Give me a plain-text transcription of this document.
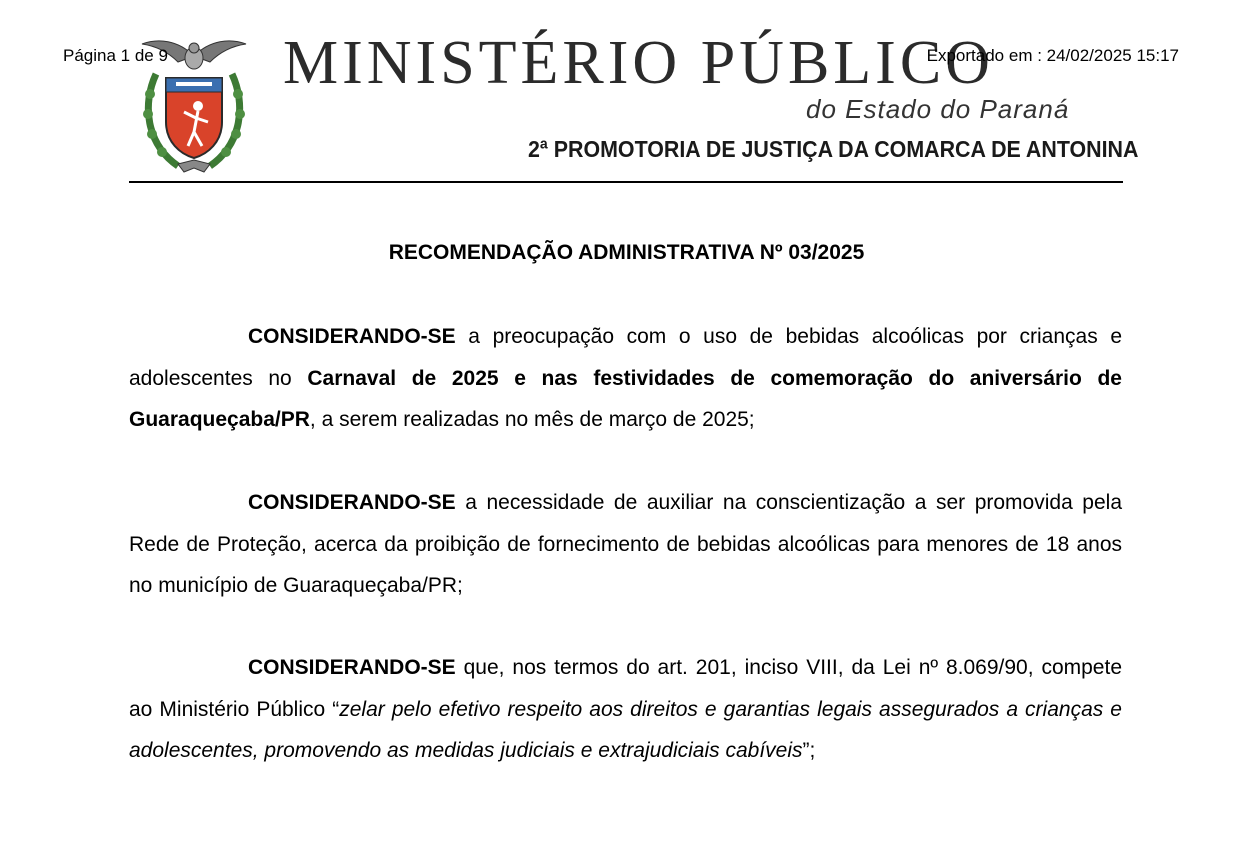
Página 1 de 9	Exportado em : 24/02/2025 15:17
MINISTÉRIO PÚBLICO
do Estado do Paraná
2ª PROMOTORIA DE JUSTIÇA DA COMARCA DE ANTONINA
RECOMENDAÇÃO ADMINISTRATIVA Nº 03/2025
CONSIDERANDO-SE a preocupação com o uso de bebidas alcoólicas por crianças e adolescentes no Carnaval de 2025 e nas festividades de comemoração do aniversário de Guaraqueçaba/PR, a serem realizadas no mês de março de 2025;
CONSIDERANDO-SE a necessidade de auxiliar na conscientização a ser promovida pela Rede de Proteção, acerca da proibição de fornecimento de bebidas alcoólicas para menores de 18 anos no município de Guaraqueçaba/PR;
CONSIDERANDO-SE que, nos termos do art. 201, inciso VIII, da Lei nº 8.069/90, compete ao Ministério Público “zelar pelo efetivo respeito aos direitos e garantias legais assegurados a crianças e adolescentes, promovendo as medidas judiciais e extrajudiciais cabíveis”;
